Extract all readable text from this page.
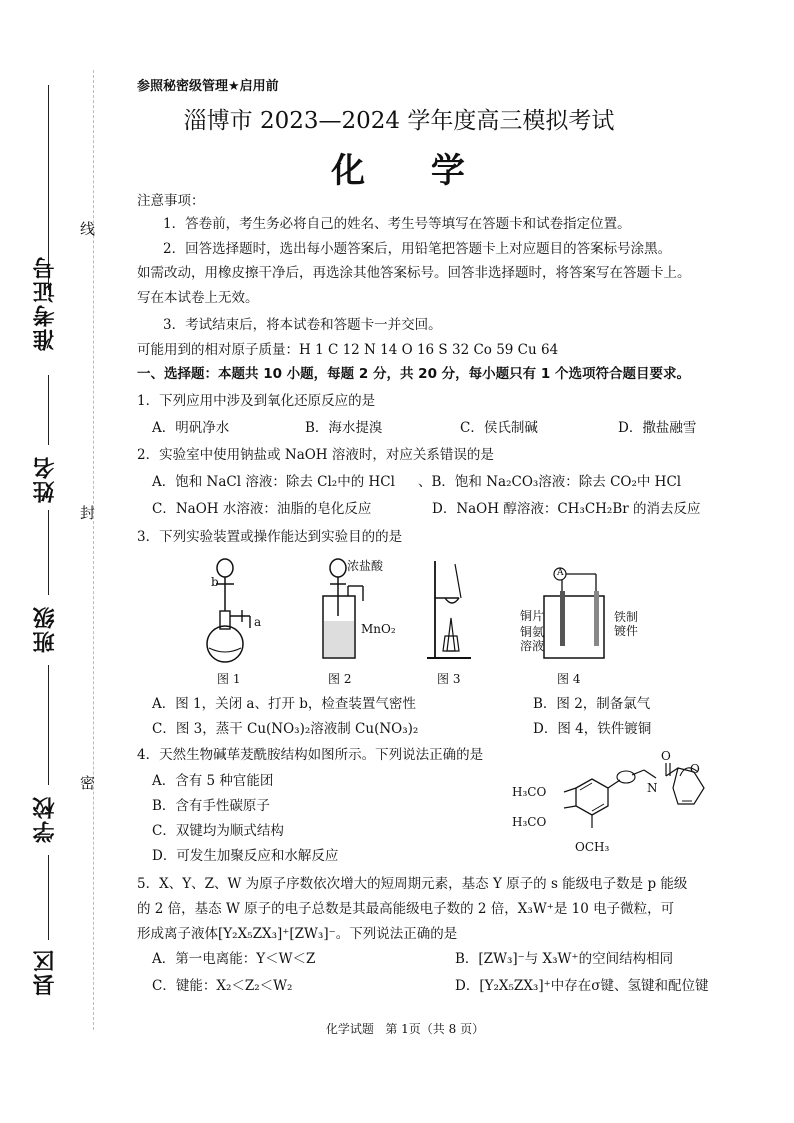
准考证号
姓名
班级
学校
县区
线
封
密
参照秘密级管理★启用前
淄博市 2023—2024 学年度高三模拟考试
化  学
注意事项：
1．答卷前，考生务必将自己的姓名、考生号等填写在答题卡和试卷指定位置。
2．回答选择题时，选出每小题答案后，用铅笔把答题卡上对应题目的答案标号涂黑。
如需改动，用橡皮擦干净后，再选涂其他答案标号。回答非选择题时，将答案写在答题卡上。
写在本试卷上无效。
3．考试结束后，将本试卷和答题卡一并交回。
可能用到的相对原子质量：H 1 C 12 N 14 O 16 S 32 Co 59 Cu 64
一、选择题：本题共 10 小题，每题 2 分，共 20 分，每小题只有 1 个选项符合题目要求。
1．下列应用中涉及到氧化还原反应的是
A．明矾净水	B．海水提溴	C．侯氏制碱	D．撒盐融雪
2．实验室中使用钠盐或 NaOH 溶液时，对应关系错误的是
A．饱和 NaCl 溶液：除去 Cl₂中的 HCl 、B．饱和 Na₂CO₃溶液：除去 CO₂中 HCl
C．NaOH 水溶液：油脂的皂化反应	D．NaOH 醇溶液：CH₃CH₂Br 的消去反应
3．下列实验装置或操作能达到实验目的的是
b
a
浓盐酸
MnO₂
A
铜片
铜氨溶液
铁制镀件
图 1	图 2	图 3	图 4
A．图 1，关闭 a、打开 b，检查装置气密性	B．图 2，制备氯气
C．图 3，蒸干 Cu(NO₃)₂溶液制 Cu(NO₃)₂	D．图 4，铁件镀铜
4．天然生物碱荜茇酰胺结构如图所示。下列说法正确的是
A．含有 5 种官能团
B．含有手性碳原子
C．双键均为顺式结构
D．可发生加聚反应和水解反应
H₃CO
H₃CO
OCH₃
O
N
O
5．X、Y、Z、W 为原子序数依次增大的短周期元素，基态 Y 原子的 s 能级电子数是 p 能级
的 2 倍，基态 W 原子的电子总数是其最高能级电子数的 2 倍，X₃W⁺是 10 电子微粒，可
形成离子液体[Y₂X₅ZX₃]⁺[ZW₃]⁻。下列说法正确的是
A．第一电离能：Y＜W＜Z	B．[ZW₃]⁻与 X₃W⁺的空间结构相同
C．键能：X₂＜Z₂＜W₂	D．[Y₂X₅ZX₃]⁺中存在σ键、氢键和配位键
化学试题   第 1页（共 8 页）
